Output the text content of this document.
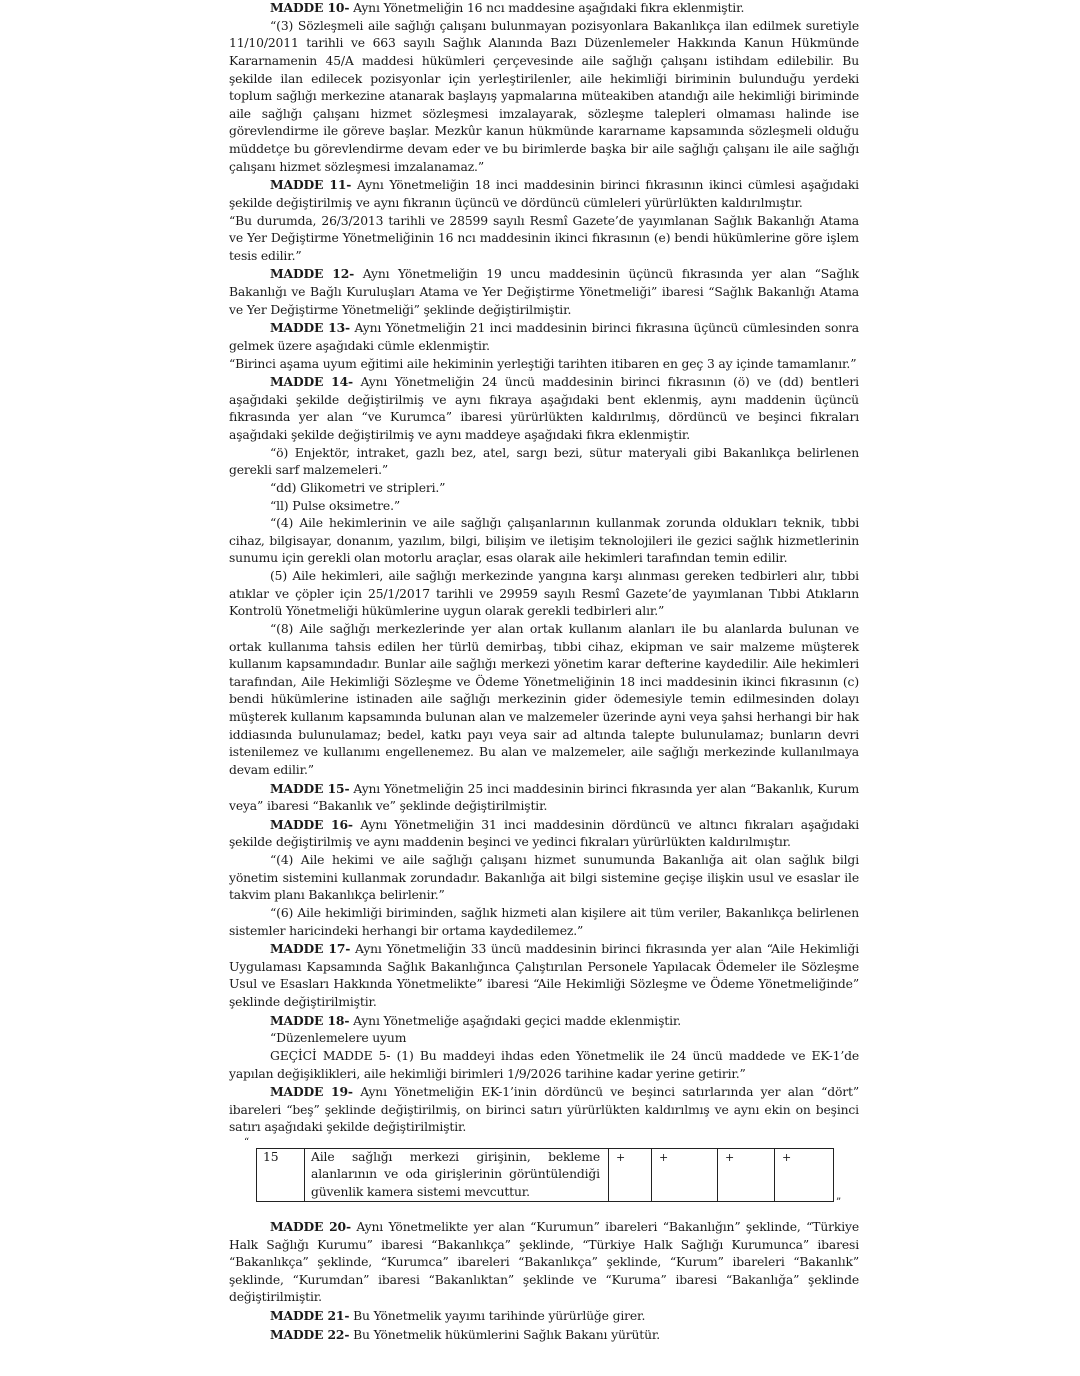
MADDE 10- Aynı Yönetmeliğin 16 ncı maddesine aşağıdaki fıkra eklenmiştir.

“(3) Sözleşmeli aile sağlığı çalışanı bulunmayan pozisyonlara Bakanlıkça ilan edilmek suretiyle 11/10/2011 tarihli ve 663 sayılı Sağlık Alanında Bazı Düzenlemeler Hakkında Kanun Hükmünde Kararnamenin 45/A maddesi hükümleri çerçevesinde aile sağlığı çalışanı istihdam edilebilir. Bu şekilde ilan edilecek pozisyonlar için yerleştirilenler, aile hekimliği biriminin bulunduğu yerdeki toplum sağlığı merkezine atanarak başlayış yapmalarına müteakiben atandığı aile hekimliği biriminde aile sağlığı çalışanı hizmet sözleşmesi imzalayarak, sözleşme talepleri olmaması halinde ise görevlendirme ile göreve başlar. Mezkûr kanun hükmünde kararname kapsamında sözleşmeli olduğu müddetçe bu görevlendirme devam eder ve bu birimlerde başka bir aile sağlığı çalışanı ile aile sağlığı çalışanı hizmet sözleşmesi imzalanamaz.”

MADDE 11- Aynı Yönetmeliğin 18 inci maddesinin birinci fıkrasının ikinci cümlesi aşağıdaki şekilde değiştirilmiş ve aynı fıkranın üçüncü ve dördüncü cümleleri yürürlükten kaldırılmıştır.

“Bu durumda, 26/3/2013 tarihli ve 28599 sayılı Resmî Gazete’de yayımlanan Sağlık Bakanlığı Atama ve Yer Değiştirme Yönetmeliğinin 16 ncı maddesinin ikinci fıkrasının (e) bendi hükümlerine göre işlem tesis edilir.”

MADDE 12- Aynı Yönetmeliğin 19 uncu maddesinin üçüncü fıkrasında yer alan “Sağlık Bakanlığı ve Bağlı Kuruluşları Atama ve Yer Değiştirme Yönetmeliği” ibaresi “Sağlık Bakanlığı Atama ve Yer Değiştirme Yönetmeliği” şeklinde değiştirilmiştir.

MADDE 13- Aynı Yönetmeliğin 21 inci maddesinin birinci fıkrasına üçüncü cümlesinden sonra gelmek üzere aşağıdaki cümle eklenmiştir.

“Birinci aşama uyum eğitimi aile hekiminin yerleştiği tarihten itibaren en geç 3 ay içinde tamamlanır.”

MADDE 14- Aynı Yönetmeliğin 24 üncü maddesinin birinci fıkrasının (ö) ve (dd) bentleri aşağıdaki şekilde değiştirilmiş ve aynı fıkraya aşağıdaki bent eklenmiş, aynı maddenin üçüncü fıkrasında yer alan “ve Kurumca” ibaresi yürürlükten kaldırılmış, dördüncü ve beşinci fıkraları aşağıdaki şekilde değiştirilmiş ve aynı maddeye aşağıdaki fıkra eklenmiştir.

“ö) Enjektör, intraket, gazlı bez, atel, sargı bezi, sütur materyali gibi Bakanlıkça belirlenen gerekli sarf malzemeleri.”

“dd) Glikometri ve stripleri.”

“ll) Pulse oksimetre.”

“(4) Aile hekimlerinin ve aile sağlığı çalışanlarının kullanmak zorunda oldukları teknik, tıbbi cihaz, bilgisayar, donanım, yazılım, bilgi, bilişim ve iletişim teknolojileri ile gezici sağlık hizmetlerinin sunumu için gerekli olan motorlu araçlar, esas olarak aile hekimleri tarafından temin edilir.

(5) Aile hekimleri, aile sağlığı merkezinde yangına karşı alınması gereken tedbirleri alır, tıbbi atıklar ve çöpler için 25/1/2017 tarihli ve 29959 sayılı Resmî Gazete’de yayımlanan Tıbbi Atıkların Kontrolü Yönetmeliği hükümlerine uygun olarak gerekli tedbirleri alır.”

“(8) Aile sağlığı merkezlerinde yer alan ortak kullanım alanları ile bu alanlarda bulunan ve ortak kullanıma tahsis edilen her türlü demirbaş, tıbbi cihaz, ekipman ve sair malzeme müşterek kullanım kapsamındadır. Bunlar aile sağlığı merkezi yönetim karar defterine kaydedilir. Aile hekimleri tarafından, Aile Hekimliği Sözleşme ve Ödeme Yönetmeliğinin 18 inci maddesinin ikinci fıkrasının (c) bendi hükümlerine istinaden aile sağlığı merkezinin gider ödemesiyle temin edilmesinden dolayı müşterek kullanım kapsamında bulunan alan ve malzemeler üzerinde ayni veya şahsi herhangi bir hak iddiasında bulunulamaz; bedel, katkı payı veya sair ad altında talepte bulunulamaz; bunların devri istenilemez ve kullanımı engellenemez. Bu alan ve malzemeler, aile sağlığı merkezinde kullanılmaya devam edilir.”

MADDE 15- Aynı Yönetmeliğin 25 inci maddesinin birinci fıkrasında yer alan “Bakanlık, Kurum veya” ibaresi “Bakanlık ve” şeklinde değiştirilmiştir.

MADDE 16- Aynı Yönetmeliğin 31 inci maddesinin dördüncü ve altıncı fıkraları aşağıdaki şekilde değiştirilmiş ve aynı maddenin beşinci ve yedinci fıkraları yürürlükten kaldırılmıştır.

“(4) Aile hekimi ve aile sağlığı çalışanı hizmet sunumunda Bakanlığa ait olan sağlık bilgi yönetim sistemini kullanmak zorundadır. Bakanlığa ait bilgi sistemine geçişe ilişkin usul ve esaslar ile takvim planı Bakanlıkça belirlenir.”

“(6) Aile hekimliği biriminden, sağlık hizmeti alan kişilere ait tüm veriler, Bakanlıkça belirlenen sistemler haricindeki herhangi bir ortama kaydedilemez.”

MADDE 17- Aynı Yönetmeliğin 33 üncü maddesinin birinci fıkrasında yer alan “Aile Hekimliği Uygulaması Kapsamında Sağlık Bakanlığınca Çalıştırılan Personele Yapılacak Ödemeler ile Sözleşme Usul ve Esasları Hakkında Yönetmelikte” ibaresi “Aile Hekimliği Sözleşme ve Ödeme Yönetmeliğinde” şeklinde değiştirilmiştir.

MADDE 18- Aynı Yönetmeliğe aşağıdaki geçici madde eklenmiştir.

“Düzenlemelere uyum

GEÇİCİ MADDE 5- (1) Bu maddeyi ihdas eden Yönetmelik ile 24 üncü maddede ve EK-1’de yapılan değişiklikleri, aile hekimliği birimleri 1/9/2026 tarihine kadar yerine getirir.”

MADDE 19- Aynı Yönetmeliğin EK-1’inin dördüncü ve beşinci satırlarında yer alan “dört” ibareleri “beş” şeklinde değiştirilmiş, on birinci satırı yürürlükten kaldırılmış ve aynı ekin on beşinci satırı aşağıdaki şekilde değiştirilmiştir.

“
15	Aile sağlığı merkezi girişinin, bekleme alanlarının ve oda girişlerinin görüntülendiği güvenlik kamera sistemi mevcuttur.	+	+	+	+
”

MADDE 20- Aynı Yönetmelikte yer alan “Kurumun” ibareleri “Bakanlığın” şeklinde, “Türkiye Halk Sağlığı Kurumu” ibaresi “Bakanlıkça” şeklinde, “Türkiye Halk Sağlığı Kurumunca” ibaresi “Bakanlıkça” şeklinde, “Kurumca” ibareleri “Bakanlıkça” şeklinde, “Kurum” ibareleri “Bakanlık” şeklinde, “Kurumdan” ibaresi “Bakanlıktan” şeklinde ve “Kuruma” ibaresi “Bakanlığa” şeklinde değiştirilmiştir.

MADDE 21- Bu Yönetmelik yayımı tarihinde yürürlüğe girer.

MADDE 22- Bu Yönetmelik hükümlerini Sağlık Bakanı yürütür.
